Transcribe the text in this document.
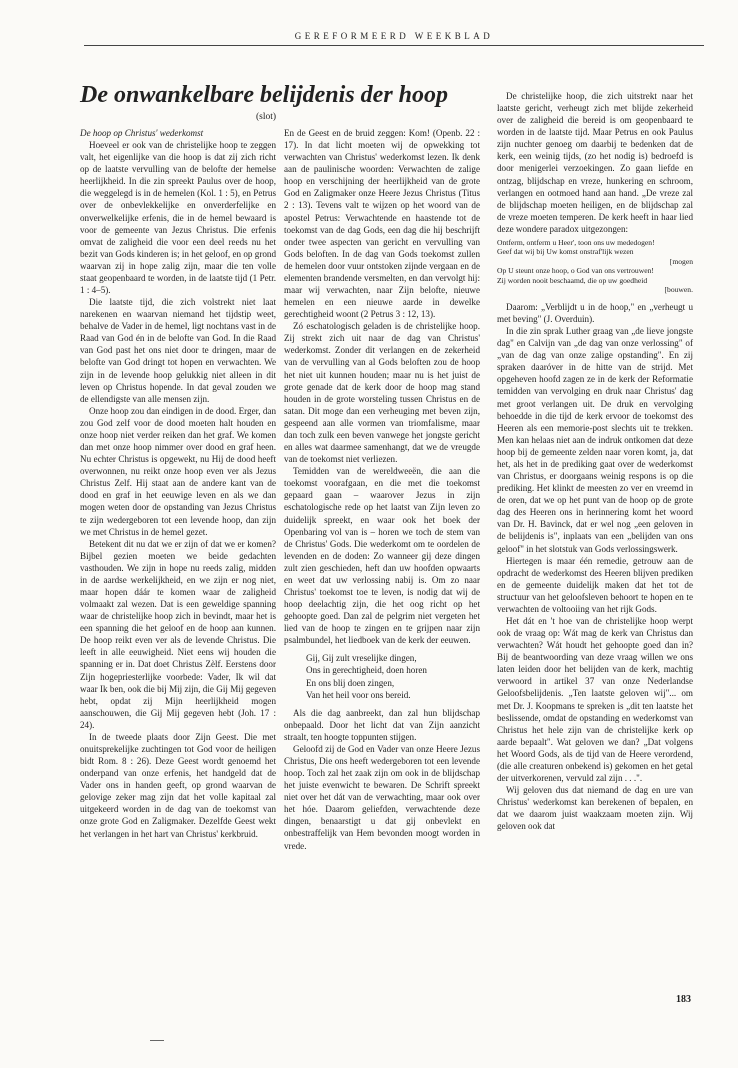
GEREFORMEERD WEEKBLAD
De onwankelbare belijdenis der hoop
(slot)

De hoop op Christus' wederkomst

Hoeveel er ook van de christelijke hoop te zeggen valt, het eigenlijke van die hoop is dat zij zich richt op de laatste vervulling van de belofte der hemelse heerlijkheid. In die zin spreekt Paulus over de hoop, die weggelegd is in de hemelen (Kol. 1 : 5), en Petrus over de onbevlekkelijke en onverderfelijke en onverwelkelijke erfenis, die in de hemel bewaard is voor de gemeente van Jezus Christus. Die erfenis omvat de zaligheid die voor een deel reeds nu het bezit van Gods kinderen is; in het geloof, en op grond waarvan zij in hope zalig zijn, maar die ten volle staat geopenbaard te worden, in de laatste tijd (1 Petr. 1 : 4–5).

Die laatste tijd, die zich volstrekt niet laat narekenen en waarvan niemand het tijdstip weet, behalve de Vader in de hemel, ligt nochtans vast in de Raad van God én in de belofte van God. In die Raad van God past het ons niet door te dringen, maar de belofte van God dringt tot hopen en verwachten. We zijn in de levende hoop gelukkig niet alleen in dit leven op Christus hopende. In dat geval zouden we de ellendigste van alle mensen zijn.

Onze hoop zou dan eindigen in de dood. Erger, dan zou God zelf voor de dood moeten halt houden en onze hoop niet verder reiken dan het graf. We komen dan met onze hoop nimmer over dood en graf heen. Nu echter Christus is opgewekt, nu Hij de dood heeft overwonnen, nu reikt onze hoop even ver als Jezus Christus Zelf. Hij staat aan de andere kant van de dood en graf in het eeuwige leven en als we dan mogen weten door de opstanding van Jezus Christus te zijn wedergeboren tot een levende hoop, dan zijn we met Christus in de hemel gezet.

Betekent dit nu dat we er zijn of dat we er komen? Bijbel gezien moeten we beide gedachten vasthouden. We zijn in hope nu reeds zalig, midden in de aardse werkelijkheid, en we zijn er nog niet, maar hopen dáár te komen waar de zaligheid volmaakt zal wezen. Dat is een geweldige spanning waar de christelijke hoop zich in bevindt, maar het is een spanning die het geloof en de hoop aan kunnen. De hoop reikt even ver als de levende Christus. Die leeft in alle eeuwigheid. Niet eens wij houden die spanning er in. Dat doet Christus Zèlf. Eerstens door Zijn hogepriesterlijke voorbede: Vader, Ik wil dat waar Ik ben, ook die bij Mij zijn, die Gij Mij gegeven hebt, opdat zij Mijn heerlijkheid mogen aanschouwen, die Gij Mij gegeven hebt (Joh. 17 : 24).

In de tweede plaats door Zijn Geest. Die met onuitsprekelijke zuchtingen tot God voor de heiligen bidt Rom. 8 : 26). Deze Geest wordt genoemd het onderpand van onze erfenis, het handgeld dat de Vader ons in handen geeft, op grond waarvan de gelovige zeker mag zijn dat het volle kapitaal zal uitgekeerd worden in de dag van de toekomst van onze grote God en Zaligmaker. Dezelfde Geest wekt het verlangen in het hart van Christus' kerkbruid.

En de Geest en de bruid zeggen: Kom! (Openb. 22 : 17). In dat licht moeten wij de opwekking tot verwachten van Christus' wederkomst lezen. Ik denk aan de paulinische woorden: Verwachten de zalige hoop en verschijning der heerlijkheid van de grote God en Zaligmaker onze Heere Jezus Christus (Titus 2 : 13). Tevens valt te wijzen op het woord van de apostel Petrus: Verwachtende en haastende tot de toekomst van de dag Gods, een dag die hij beschrijft onder twee aspecten van gericht en vervulling van Gods beloften. In de dag van Gods toekomst zullen de hemelen door vuur ontstoken zijnde vergaan en de elementen brandende versmelten, en dan vervolgt hij: maar wij verwachten, naar Zijn belofte, nieuwe hemelen en een nieuwe aarde in dewelke gerechtigheid woont (2 Petrus 3 : 12, 13).

Zó eschatologisch geladen is de christelijke hoop. Zij strekt zich uit naar de dag van Christus' wederkomst. Zonder dit verlangen en de zekerheid van de vervulling van al Gods beloften zou de hoop het niet uit kunnen houden; maar nu is het juist de grote genade dat de kerk door de hoop mag stand houden in de grote worsteling tussen Christus en de satan. Dit moge dan een verheuging met beven zijn, gespeend aan alle vormen van triomfalisme, maar dan toch zulk een beven vanwege het jongste gericht en alles wat daarmee samenhangt, dat we de vreugde van de toekomst niet verliezen.

Temidden van de wereldweeën, die aan die toekomst voorafgaan, en die met die toekomst gepaard gaan – waarover Jezus in zijn eschatologische rede op het laatst van Zijn leven zo duidelijk spreekt, en waar ook het boek der Openbaring vol van is – horen we toch de stem van de Christus' Gods. Die wederkomt om te oordelen de levenden en de doden: Zo wanneer gij deze dingen zult zien geschieden, heft dan uw hoofden opwaarts en weet dat uw verlossing nabij is. Om zo naar Christus' toekomst toe te leven, is nodig dat wij de hoop deelachtig zijn, die het oog richt op het gehoopte goed. Dan zal de pelgrim niet vergeten het lied van de hoop te zingen en te grijpen naar zijn psalmbundel, het liedboek van de kerk der eeuwen.

Gij, Gij zult vreselijke dingen,
Ons in gerechtigheid, doen horen
En ons blij doen zingen,
Van het heil voor ons bereid.

Als die dag aanbreekt, dan zal hun blijdschap onbepaald. Door het licht dat van Zijn aanzicht straalt, ten hoogte toppunten stijgen.

Geloofd zij de God en Vader van onze Heere Jezus Christus, Die ons heeft wedergeboren tot een levende hoop. Toch zal het zaak zijn om ook in de blijdschap het juiste evenwicht te bewaren. De Schrift spreekt niet over het dát van de verwachting, maar ook over het hóe. Daarom geliefden, verwachtende deze dingen, benaarstigt u dat gij onbevlekt en onbestraffelijk van Hem bevonden moogt worden in vrede.

De christelijke hoop, die zich uitstrekt naar het laatste gericht, verheugt zich met blijde zekerheid over de zaligheid die bereid is om geopenbaard te worden in de laatste tijd. Maar Petrus en ook Paulus zijn nuchter genoeg om daarbij te bedenken dat de kerk, een weinig tijds, (zo het nodig is) bedroefd is door menigerlei verzoekingen. Zo gaan liefde en ontzag, blijdschap en vreze, hunkering en schroom, verlangen en ootmoed hand aan hand. „De vreze zal de blijdschap moeten heiligen, en de blijdschap zal de vreze moeten temperen. De kerk heeft in haar lied deze wondere paradox uitgezongen:

Ontferm, ontferm u Heer', toon ons uw mededogen!
Geef dat wij bij Uw komst onstraf'lijk wezen
[mogen
Op U steunt onze hoop, o God van ons vertrouwen!
Zij worden nooit beschaamd, die op uw goedheid
[bouwen.

Daarom: „Verblijdt u in de hoop," en „verheugt u met beving" (J. Overduin).

In die zin sprak Luther graag van „de lieve jongste dag" en Calvijn van „de dag van onze verlossing" of „van de dag van onze zalige opstanding". En zij spraken daaróver in de hitte van de strijd. Met opgeheven hoofd zagen ze in de kerk der Reformatie temidden van vervolging en druk naar Christus' dag met groot verlangen uit. De druk en vervolging behoedde in die tijd de kerk ervoor de toekomst des Heeren als een memorie-post slechts uit te trekken. Men kan helaas niet aan de indruk ontkomen dat deze hoop bij de gemeente zelden naar voren komt, ja, dat het, als het in de prediking gaat over de wederkomst van Christus, er doorgaans weinig respons is op die prediking. Het klinkt de meesten zo ver en vreemd in de oren, dat we op het punt van de hoop op de grote dag des Heeren ons in herinnering komt het woord van Dr. H. Bavinck, dat er wel nog „een geloven in de belijdenis is", inplaats van een „belijden van ons geloof" in het slotstuk van Gods verlossingswerk.

Hiertegen is maar één remedie, getrouw aan de opdracht de wederkomst des Heeren blijven prediken en de gemeente duidelijk maken dat het tot de structuur van het geloofsleven behoort te hopen en te verwachten de voltooiing van het rijk Gods.

Het dát en 't hoe van de christelijke hoop werpt ook de vraag op: Wát mag de kerk van Christus dan verwachten? Wát houdt het gehoopte goed dan in? Bij de beantwoording van deze vraag willen we ons laten leiden door het belijden van de kerk, machtig verwoord in artikel 37 van onze Nederlandse Geloofsbelijdenis. „Ten laatste geloven wij"... om met Dr. J. Koopmans te spreken is „dit ten laatste het beslissende, omdat de opstanding en wederkomst van Christus het hele zijn van de christelijke kerk op aarde bepaalt". Wat geloven we dan? „Dat volgens het Woord Gods, als de tijd van de Heere verordend, (die alle creaturen onbekend is) gekomen en het getal der uitverkorenen, vervuld zal zijn . . .".

Wij geloven dus dat niemand de dag en ure van Christus' wederkomst kan berekenen of bepalen, en dat we daarom juist waakzaam moeten zijn. Wij geloven ook dat

183
